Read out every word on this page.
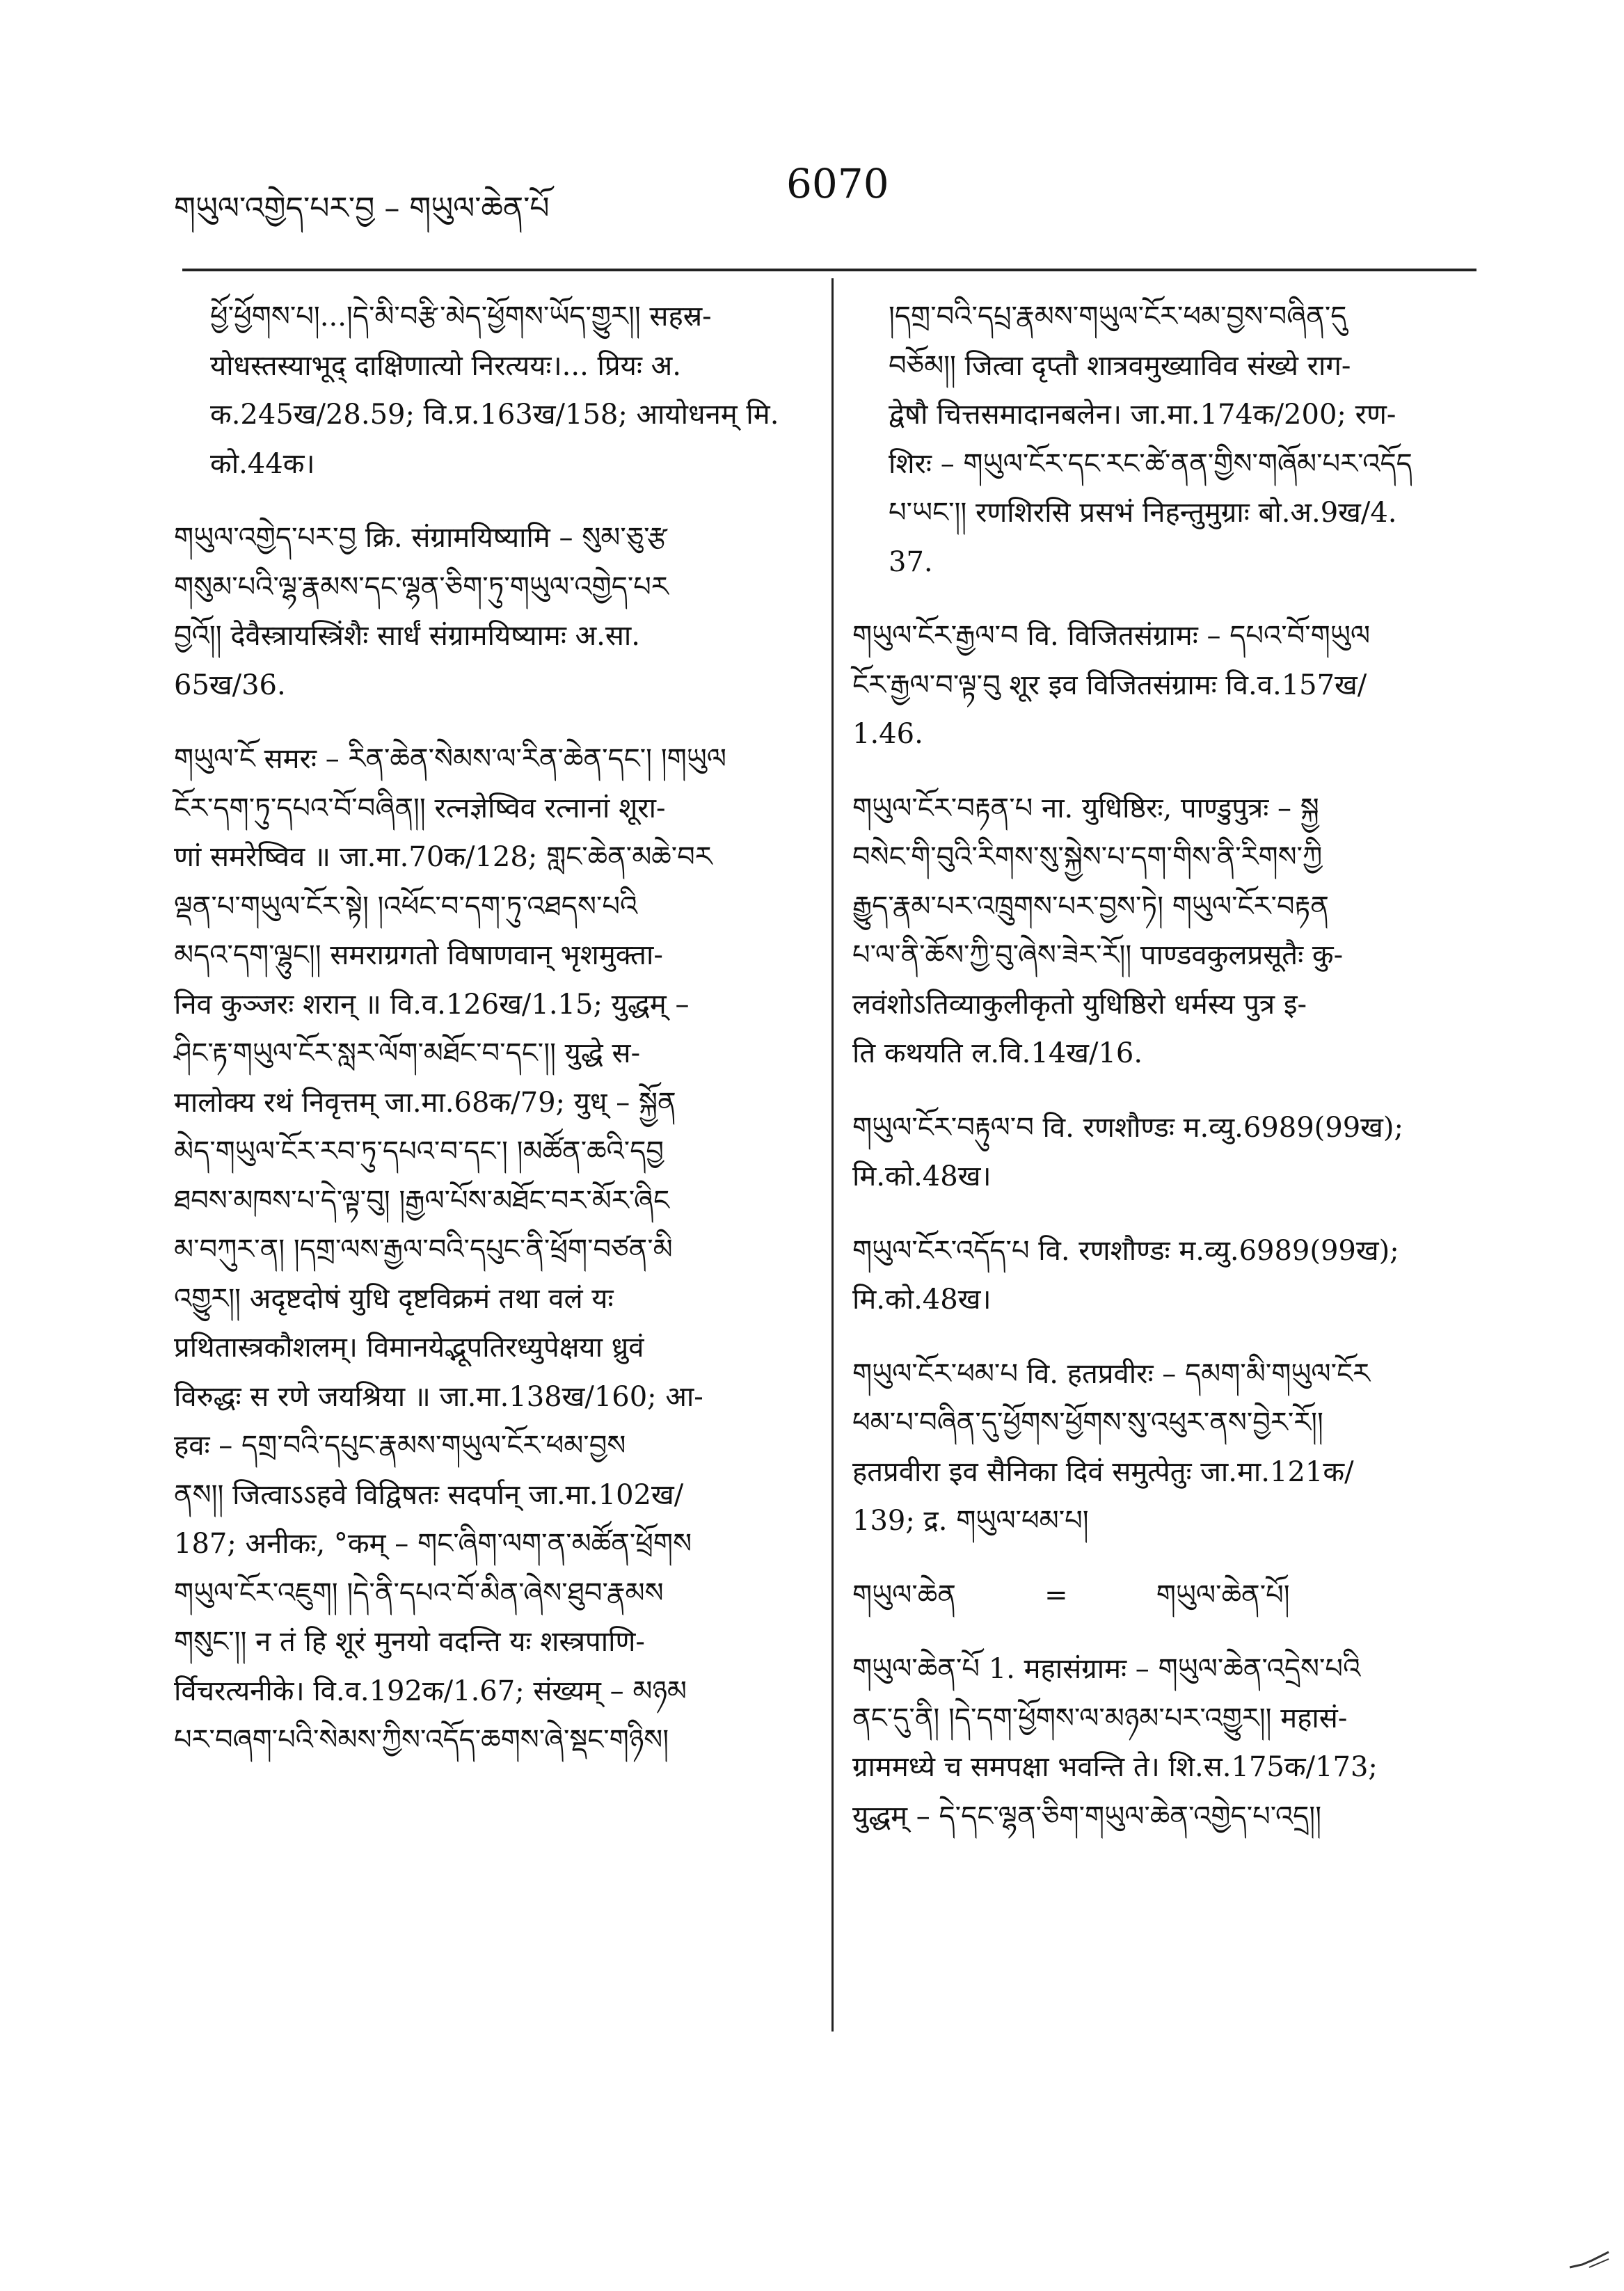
གཡུལ་འགྱེད་པར་བྱ – གཡུལ་ཆེན་པོ
6070
ཕྱོ་ཕྱོགས་པ།...།དེ་མི་བརྩི་མེད་ཕྱོགས་ཡོད་གྱུར།། सहस्र-
योधस्तस्याभूद् दाक्षिणात्यो निरत्ययः।... प्रियः अ.
क.245ख/28.59; वि.प्र.163ख/158; आयोधनम् मि.
को.44क।
གཡུལ་འགྱེད་པར་བྱ क्रि. संग्रामयिष्यामि – སུམ་ཅུ་རྩ
གསུམ་པའི་ལྷ་རྣམས་དང་ལྷན་ཅིག་ཏུ་གཡུལ་འགྱེད་པར
བྱའོ།། देवैस्त्रायस्त्रिंशैः सार्धं संग्रामयिष्यामः अ.सा.
65ख/36.
གཡུལ་ངོ समरः – རིན་ཆེན་སེམས་ལ་རིན་ཆེན་དང་། །གཡུལ
ངོར་དག་ཏུ་དཔའ་བོ་བཞིན།། रत्नज्ञेष्विव रत्नानां शूरा-
णां समरेष्विव ॥ जा.मा.70क/128; གླང་ཆེན་མཆེ་བར
ལྡན་པ་གཡུལ་ངོར་སྟེ། །འཕོང་བ་དག་ཏུ་འཐདས་པའི
མདའ་དག་ལྷུང།། समराग्रगतो विषाणवान् भृशमुक्ता-
निव कुञ्जरः शरान् ॥ वि.व.126ख/1.15; युद्धम् –
ཤིང་རྟ་གཡུལ་ངོར་སླར་ལོག་མཐོང་བ་དང་།། युद्धे स-
मालोक्य रथं निवृत्तम् जा.मा.68क/79; युध् – སྐྱོན
མེད་གཡུལ་ངོར་རབ་ཏུ་དཔའ་བ་དང་། །མཚོན་ཆའི་དབྱ
ཐབས་མཁས་པ་དེ་ལྟ་བུ། །རྒྱལ་པོས་མཐོང་བར་མོར་ཞིང
མ་བཀུར་ན། །དགྲ་ལས་རྒྱལ་བའི་དཔུང་ནི་ཕྲོག་བཙན་མི
འགྱུར།། अदृष्टदोषं युधि दृष्टविक्रमं तथा वलं यः
प्रथितास्त्रकौशलम्। विमानयेद्भूपतिरध्युपेक्षया ध्रुवं
विरुद्धः स रणे जयश्रिया ॥ जा.मा.138ख/160; आ-
हवः – དགྲ་བའི་དཔུང་རྣམས་གཡུལ་ངོར་ཕམ་བྱས
ནས།། जित्वाऽऽहवे विद्विषतः सदर्पान् जा.मा.102ख/
187; अनीकः, °कम् – གང་ཞིག་ལག་ན་མཚོན་ཕྲོགས
གཡུལ་ངོར་འཇུག། །དེ་ནི་དཔའ་བོ་མིན་ཞེས་ཐུབ་རྣམས
གསུང་།། न तं हि शूरं मुनयो वदन्ति यः शस्त्रपाणि-
र्विचरत्यनीके। वि.व.192क/1.67; संख्यम् – མཉམ
པར་བཞག་པའི་སེམས་ཀྱིས་འདོད་ཆགས་ཞེ་སྡང་གཉིས།
།དགྲ་བའི་དཔྲ་རྣམས་གཡུལ་ངོར་ཕམ་བྱས་བཞིན་དུ
བཅོམ།། जित्वा दृप्तौ शात्रवमुख्याविव संख्ये राग-
द्वेषौ चित्तसमादानबलेन। जा.मा.174क/200; रण-
शिरः – གཡུལ་ངོར་དང་རང་ཚེ་ནན་གྱིས་གཞོམ་པར་འདོད
པ་ཡང་།། रणशिरसि प्रसभं निहन्तुमुग्राः बो.अ.9ख/4.
37.
གཡུལ་ངོར་རྒྱལ་བ वि. विजितसंग्रामः – དཔའ་བོ་གཡུལ
ངོར་རྒྱལ་བ་ལྟ་བུ शूर इव विजितसंग्रामः वि.व.157ख/
1.46.
གཡུལ་ངོར་བརྟན་པ ना. युधिष्ठिरः, पाण्डुपुत्रः – སྐྱ
བསེང་གི་བུའི་རིགས་སུ་སྐྱེས་པ་དག་གིས་ནི་རིགས་ཀྱི
རྒྱུད་རྣམ་པར་འཁྲུགས་པར་བྱས་ཏེ། གཡུལ་ངོར་བརྟན
པ་ལ་ནི་ཆོས་ཀྱི་བུ་ཞེས་ཟེར་རོ།། पाण्डवकुलप्रसूतैः कु-
लवंशोऽतिव्याकुलीकृतो युधिष्ठिरो धर्मस्य पुत्र इ-
ति कथयति ल.वि.14ख/16.
གཡུལ་ངོར་བརྟུལ་བ वि. रणशौण्डः म.व्यु.6989(99ख);
मि.को.48ख।
གཡུལ་ངོར་འདོད་པ वि. रणशौण्डः म.व्यु.6989(99ख);
मि.को.48ख।
གཡུལ་ངོར་ཕམ་པ वि. हतप्रवीरः – དམག་མི་གཡུལ་ངོར
ཕམ་པ་བཞིན་དུ་ཕྱོགས་ཕྱོགས་སུ་འཕུར་ནས་བྱེར་རོ།།
हतप्रवीरा इव सैनिका दिवं समुत्पेतुः जा.मा.121क/
139; द्र. གཡུལ་ཕམ་པ།
གཡུལ་ཆེན          =          གཡུལ་ཆེན་པོ།
གཡུལ་ཆེན་པོ 1. महासंग्रामः – གཡུལ་ཆེན་འདྲེས་པའི
ནང་དུ་ནི། །དེ་དག་ཕྱོགས་ལ་མཉམ་པར་འགྱུར།། महासं-
ग्राममध्ये च समपक्षा भवन्ति ते। शि.स.175क/173;
युद्धम् – དེ་དང་ལྷན་ཅིག་གཡུལ་ཆེན་འགྱེད་པ་འདྲ།།
